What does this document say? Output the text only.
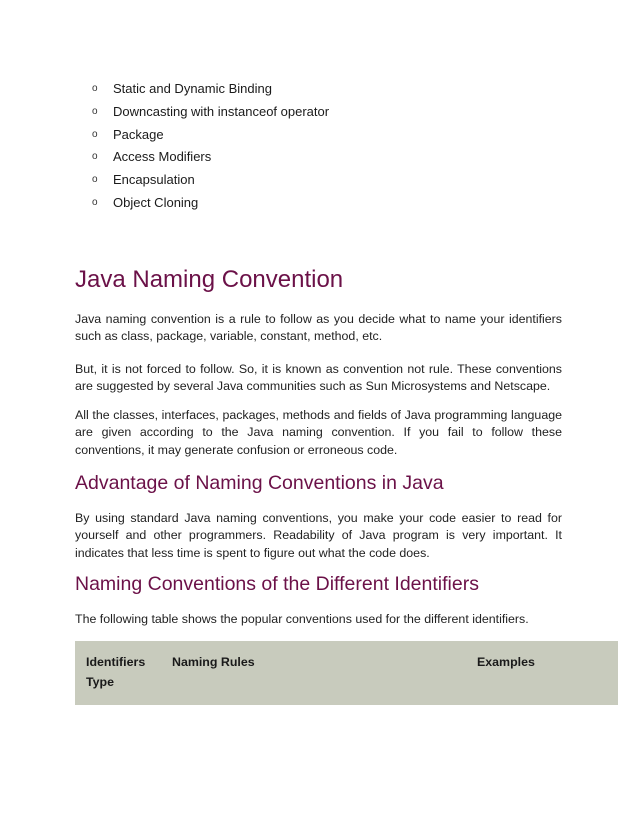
o Static and Dynamic Binding
o Downcasting with instanceof operator
o Package
o Access Modifiers
o Encapsulation
o Object Cloning
Java Naming Convention

Java naming convention is a rule to follow as you decide what to name your identifiers such as class, package, variable, constant, method, etc.

But, it is not forced to follow. So, it is known as convention not rule. These conventions are suggested by several Java communities such as Sun Microsystems and Netscape.

All the classes, interfaces, packages, methods and fields of Java programming language are given according to the Java naming convention. If you fail to follow these conventions, it may generate confusion or erroneous code.

Advantage of Naming Conventions in Java

By using standard Java naming conventions, you make your code easier to read for yourself and other programmers. Readability of Java program is very important. It indicates that less time is spent to figure out what the code does.

Naming Conventions of the Different Identifiers

The following table shows the popular conventions used for the different identifiers.

Identifiers Type
Naming Rules	Examples
